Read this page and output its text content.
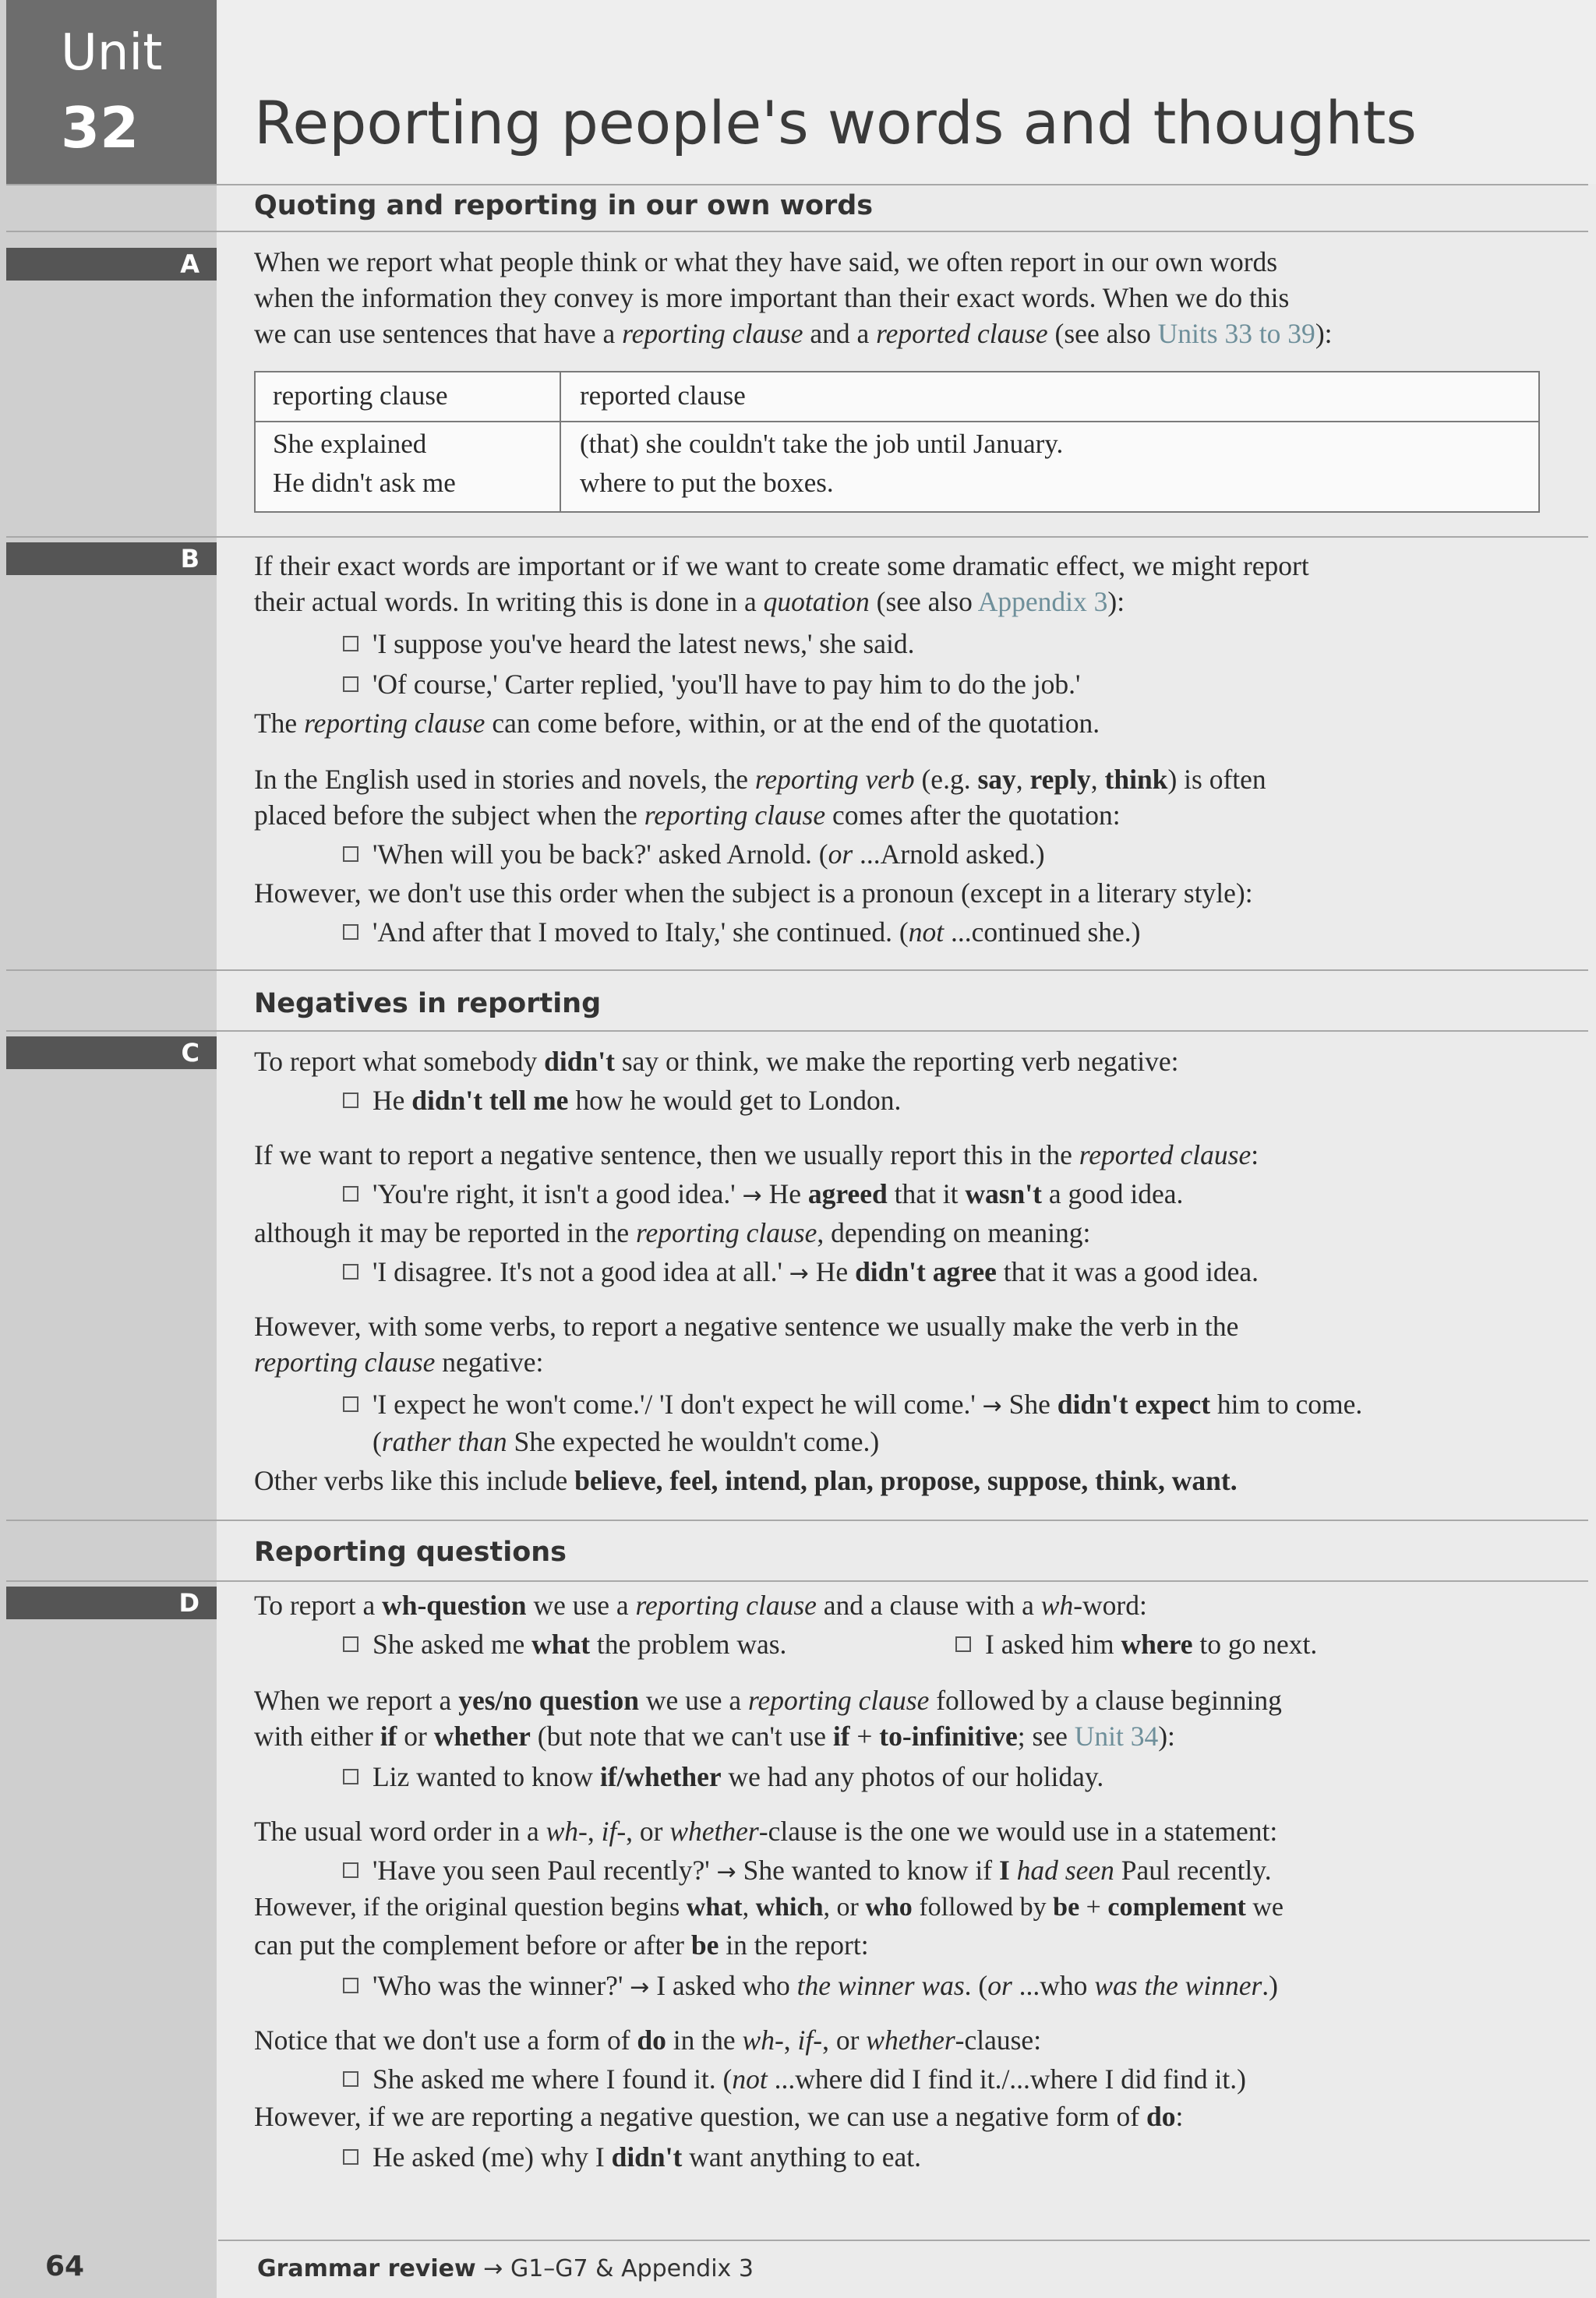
Unit
32 Reporting people's words and thoughts
Quoting and reporting in our own words
A When we report what people think or what they have said, we often report in our own words
when the information they convey is more important than their exact words. When we do this
we can use sentences that have a reporting clause and a reported clause (see also Units 33 to 39):
reporting clause	reported clause
She explained	(that) she couldn't take the job until January.
He didn't ask me	where to put the boxes.
B If their exact words are important or if we want to create some dramatic effect, we might report
their actual words. In writing this is done in a quotation (see also Appendix 3):
'I suppose you've heard the latest news,' she said.
'Of course,' Carter replied, 'you'll have to pay him to do the job.'
The reporting clause can come before, within, or at the end of the quotation.
In the English used in stories and novels, the reporting verb (e.g. say, reply, think) is often
placed before the subject when the reporting clause comes after the quotation:
'When will you be back?' asked Arnold. (or ...Arnold asked.)
However, we don't use this order when the subject is a pronoun (except in a literary style):
'And after that I moved to Italy,' she continued. (not ...continued she.)
Negatives in reporting
C To report what somebody didn't say or think, we make the reporting verb negative:
He didn't tell me how he would get to London.
If we want to report a negative sentence, then we usually report this in the reported clause:
'You're right, it isn't a good idea.' → He agreed that it wasn't a good idea.
although it may be reported in the reporting clause, depending on meaning:
'I disagree. It's not a good idea at all.' → He didn't agree that it was a good idea.
However, with some verbs, to report a negative sentence we usually make the verb in the
reporting clause negative:
'I expect he won't come.'/ 'I don't expect he will come.' → She didn't expect him to come.
(rather than She expected he wouldn't come.)
Other verbs like this include believe, feel, intend, plan, propose, suppose, think, want.
Reporting questions
D To report a wh-question we use a reporting clause and a clause with a wh-word:
She asked me what the problem was.	I asked him where to go next.
When we report a yes/no question we use a reporting clause followed by a clause beginning
with either if or whether (but note that we can't use if + to-infinitive; see Unit 34):
Liz wanted to know if/whether we had any photos of our holiday.
The usual word order in a wh-, if-, or whether-clause is the one we would use in a statement:
'Have you seen Paul recently?' → She wanted to know if I had seen Paul recently.
However, if the original question begins what, which, or who followed by be + complement we
can put the complement before or after be in the report:
'Who was the winner?' → I asked who the winner was. (or ...who was the winner.)
Notice that we don't use a form of do in the wh-, if-, or whether-clause:
She asked me where I found it. (not ...where did I find it./...where I did find it.)
However, if we are reporting a negative question, we can use a negative form of do:
He asked (me) why I didn't want anything to eat.
64	Grammar review → G1–G7 & Appendix 3
